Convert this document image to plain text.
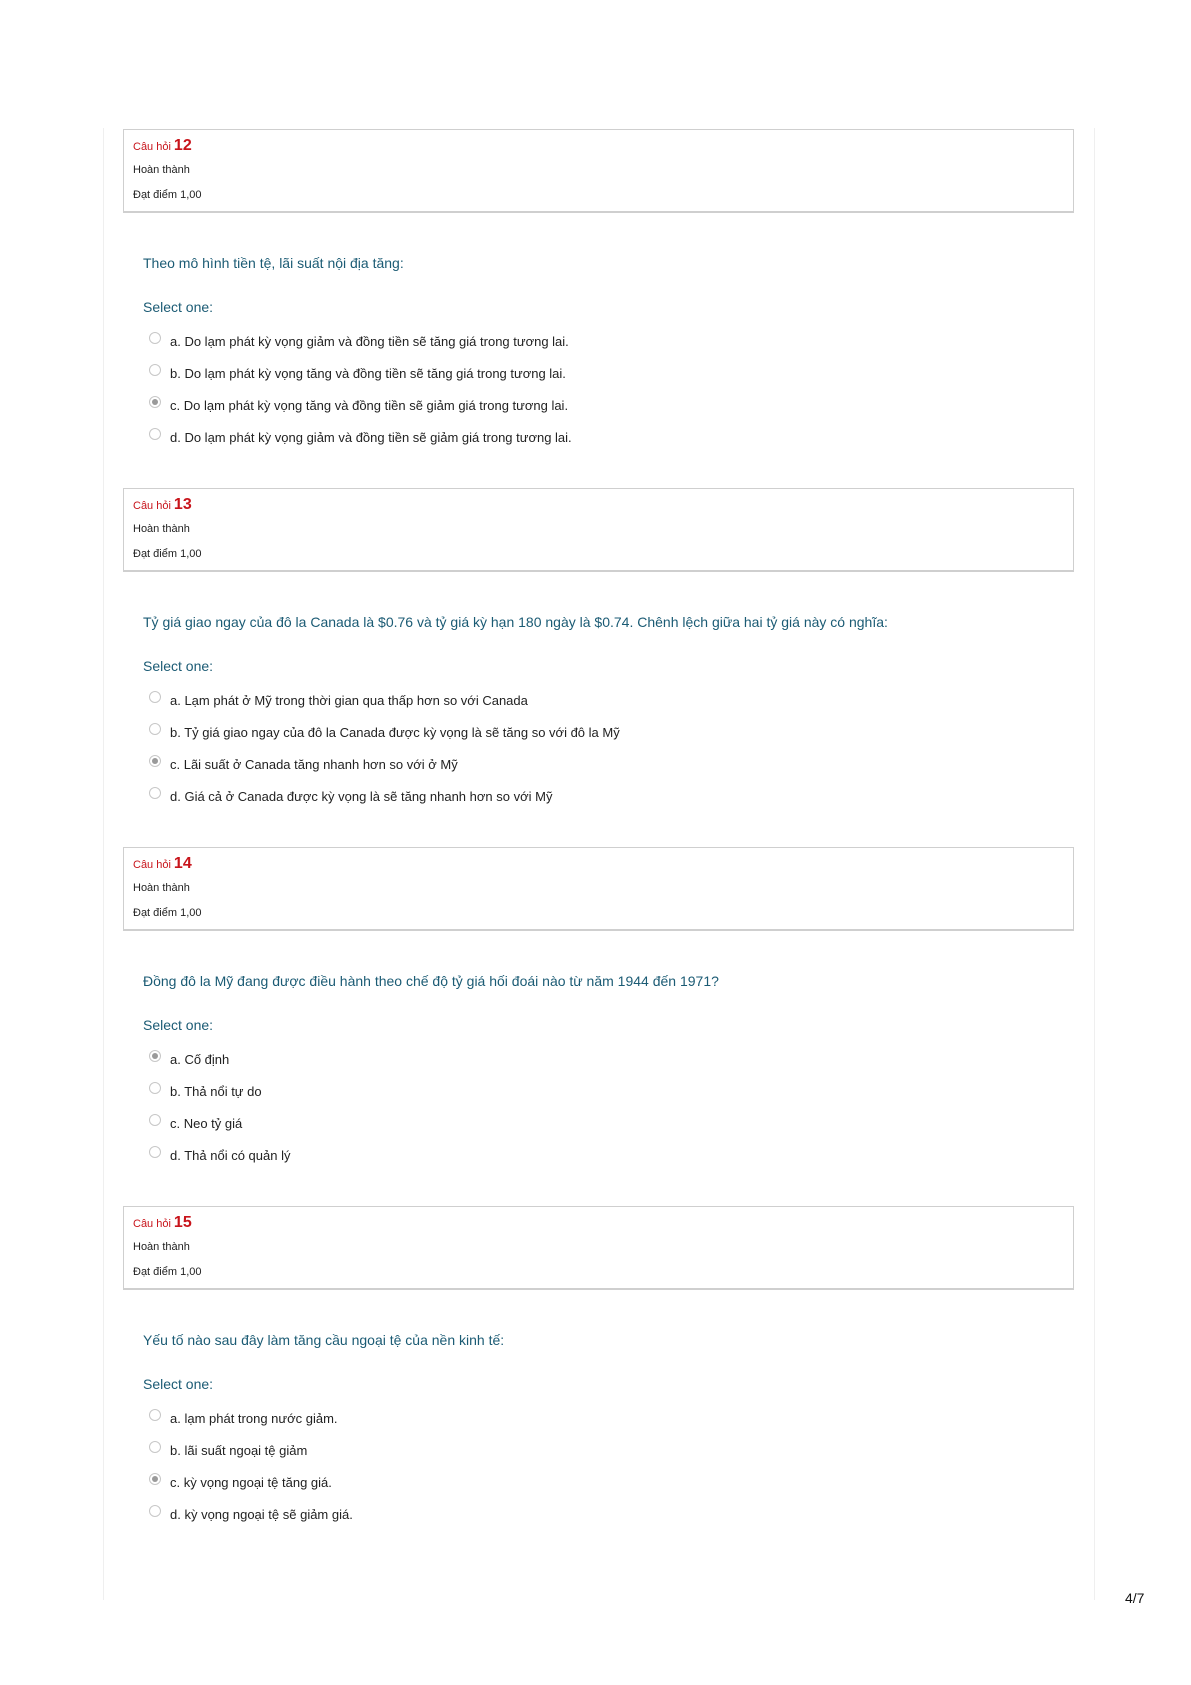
Câu hỏi 12
Hoàn thành
Đạt điểm 1,00
Theo mô hình tiền tệ, lãi suất nội địa tăng:
Select one:
a. Do lạm phát kỳ vọng giảm và đồng tiền sẽ tăng giá trong tương lai.
b. Do lạm phát kỳ vọng tăng và đồng tiền sẽ tăng giá trong tương lai.
c. Do lạm phát kỳ vọng tăng và đồng tiền sẽ giảm giá trong tương lai.
d. Do lạm phát kỳ vọng giảm và đồng tiền sẽ giảm giá trong tương lai.
Câu hỏi 13
Hoàn thành
Đạt điểm 1,00
Tỷ giá giao ngay của đô la Canada là $0.76 và tỷ giá kỳ hạn 180 ngày là $0.74. Chênh lệch giữa hai tỷ giá này có nghĩa:
Select one:
a. Lạm phát ở Mỹ trong thời gian qua thấp hơn so với Canada
b. Tỷ giá giao ngay của đô la Canada được kỳ vọng là sẽ tăng so với đô la Mỹ
c. Lãi suất ở Canada tăng nhanh hơn so với ở Mỹ
d. Giá cả ở Canada được kỳ vọng là sẽ tăng nhanh hơn so với Mỹ
Câu hỏi 14
Hoàn thành
Đạt điểm 1,00
Đồng đô la Mỹ đang được điều hành theo chế độ tỷ giá hối đoái nào từ năm 1944 đến 1971?
Select one:
a. Cố định
b. Thả nổi tự do
c. Neo tỷ giá
d. Thả nổi có quản lý
Câu hỏi 15
Hoàn thành
Đạt điểm 1,00
Yếu tố nào sau đây làm tăng cầu ngoại tệ của nền kinh tế:
Select one:
a. lạm phát trong nước giảm.
b. lãi suất ngoại tệ giảm
c. kỳ vọng ngoại tệ tăng giá.
d. kỳ vọng ngoại tệ sẽ giảm giá.
4/7
